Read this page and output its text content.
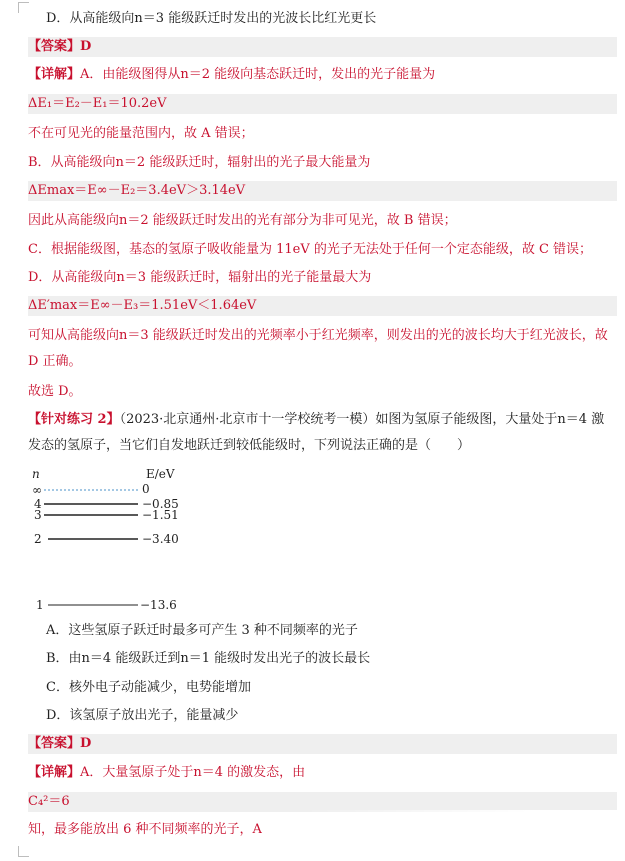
D．从高能级向n＝3 能级跃迁时发出的光波长比红光更长
【答案】D
【详解】A．由能级图得从n＝2 能级向基态跃迁时，发出的光子能量为
ΔE₁＝E₂－E₁＝10.2eV
不在可见光的能量范围内，故 A 错误；
B．从高能级向n＝2 能级跃迁时，辐射出的光子最大能量为
ΔEmax＝E∞－E₂＝3.4eV＞3.14eV
因此从高能级向n＝2 能级跃迁时发出的光有部分为非可见光，故 B 错误；
C．根据能级图，基态的氢原子吸收能量为 11eV 的光子无法处于任何一个定态能级，故 C 错误；
D．从高能级向n＝3 能级跃迁时，辐射出的光子能量最大为
ΔE′max＝E∞－E₃＝1.51eV＜1.64eV
可知从高能级向n＝3 能级跃迁时发出的光频率小于红光频率，则发出的光的波长均大于红光波长，故 D 正确。
故选 D。
【针对练习 2】（2023·北京通州·北京市十一学校统考一模）如图为氢原子能级图，大量处于n＝4 激发态的氢原子，当它们自发地跃迁到较低能级时，下列说法正确的是（　　）
n	E/eV
∞	0
4	−0.85
3	−1.51
2	−3.40
1	−13.6
A．这些氢原子跃迁时最多可产生 3 种不同频率的光子
B．由n＝4 能级跃迁到n＝1 能级时发出光子的波长最长
C．核外电子动能减少，电势能增加
D．该氢原子放出光子，能量减少
【答案】D
【详解】A．大量氢原子处于n＝4 的激发态，由
C₄²＝6
知，最多能放出 6 种不同频率的光子，A
